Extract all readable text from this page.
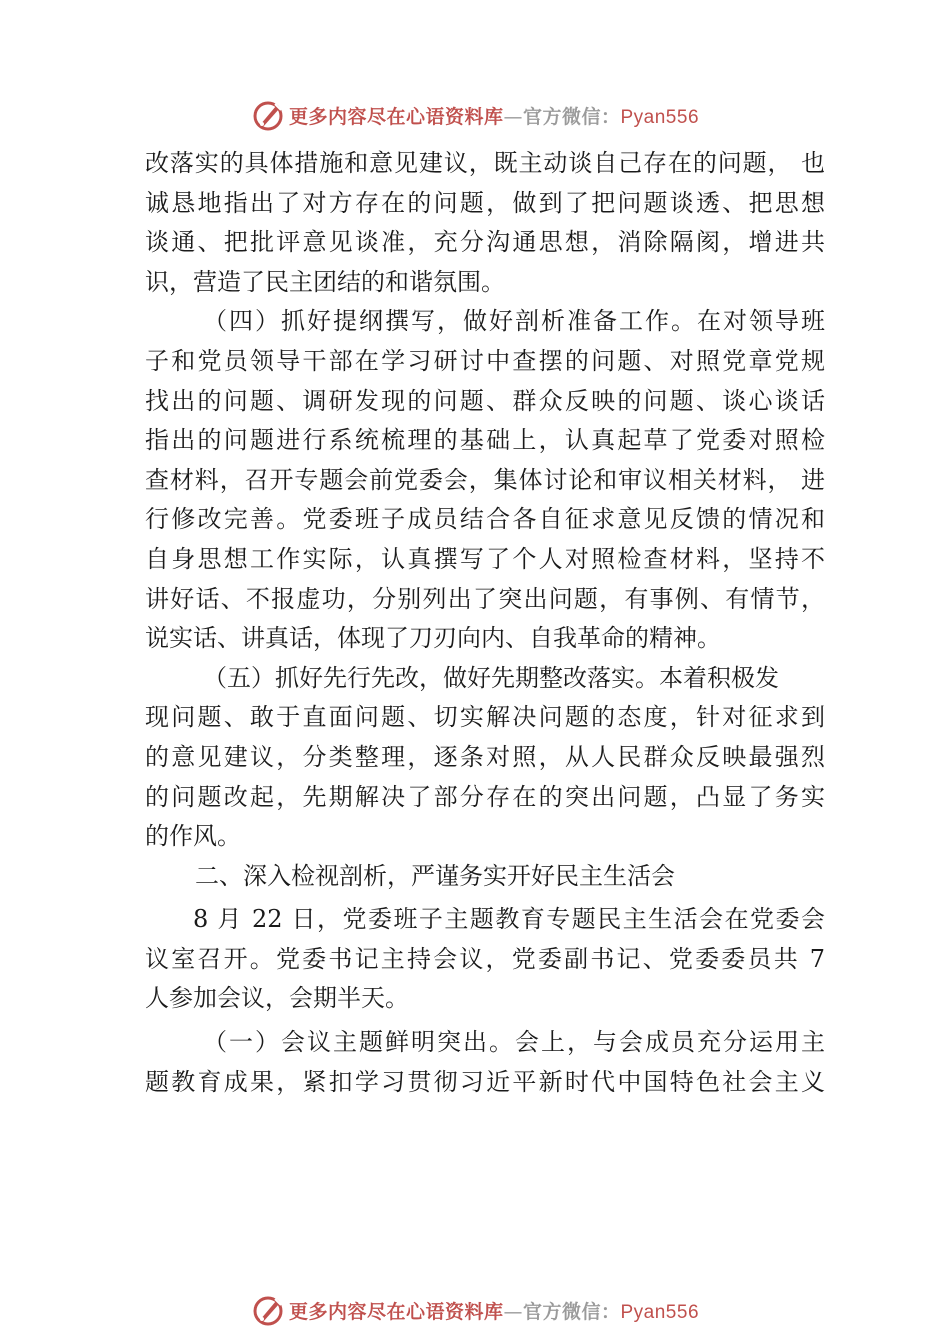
更多内容尽在心语资料库—官方微信：Pyan556
改落实的具体措施和意见建议，既主动谈自己存在的问题， 也
诚恳地指出了对方存在的问题，做到了把问题谈透、把思想
谈通、把批评意见谈准，充分沟通思想，消除隔阂，增进共
识，营造了民主团结的和谐氛围。
（四）抓好提纲撰写，做好剖析准备工作。在对领导班
子和党员领导干部在学习研讨中查摆的问题、对照党章党规
找出的问题、调研发现的问题、群众反映的问题、谈心谈话
指出的问题进行系统梳理的基础上，认真起草了党委对照检
查材料，召开专题会前党委会，集体讨论和审议相关材料， 进
行修改完善。党委班子成员结合各自征求意见反馈的情况和
自身思想工作实际，认真撰写了个人对照检查材料，坚持不
讲好话、不报虚功，分别列出了突出问题，有事例、有情节，
说实话、讲真话，体现了刀刃向内、自我革命的精神。
（五）抓好先行先改，做好先期整改落实。本着积极发
现问题、敢于直面问题、切实解决问题的态度，针对征求到
的意见建议，分类整理，逐条对照，从人民群众反映最强烈
的问题改起，先期解决了部分存在的突出问题，凸显了务实
的作风。
二、深入检视剖析，严谨务实开好民主生活会
8 月 22 日，党委班子主题教育专题民主生活会在党委会
议室召开。党委书记主持会议，党委副书记、党委委员共 7
人参加会议，会期半天。
（一）会议主题鲜明突出。会上，与会成员充分运用主
题教育成果，紧扣学习贯彻习近平新时代中国特色社会主义
更多内容尽在心语资料库—官方微信：Pyan556
